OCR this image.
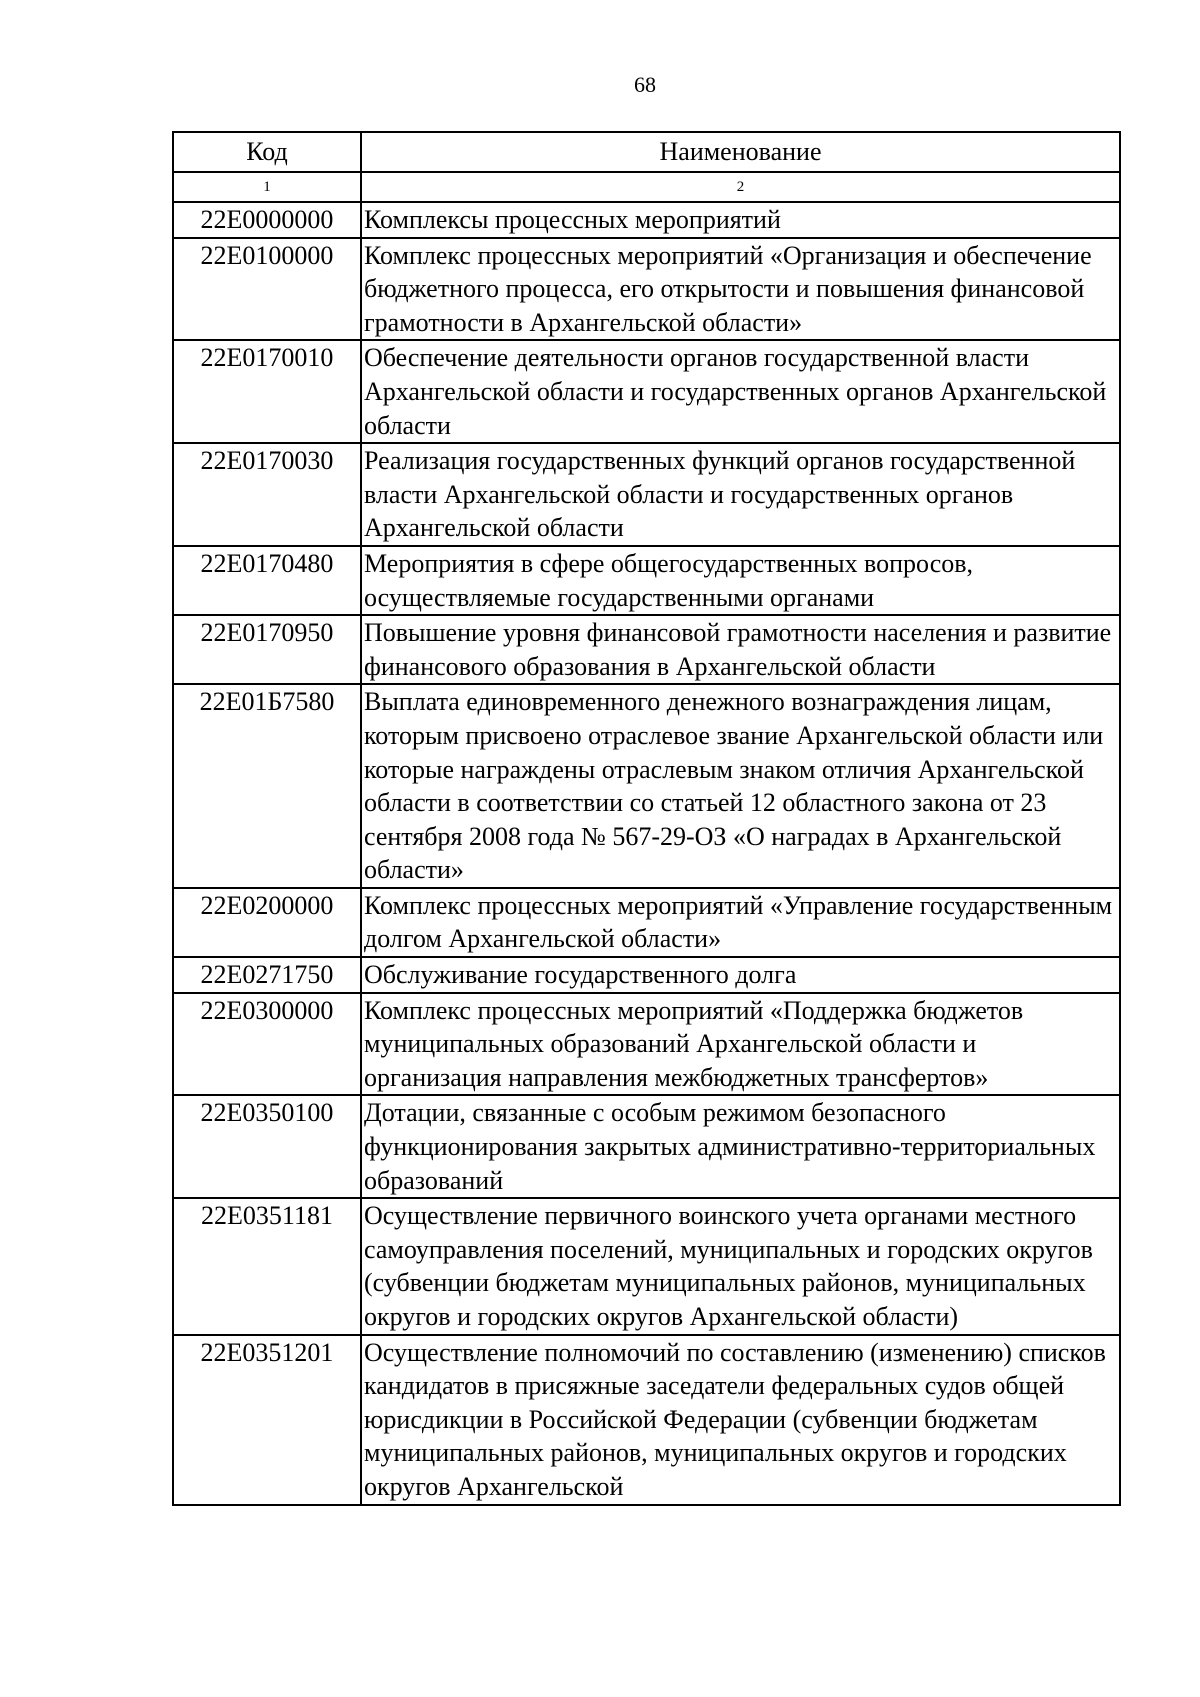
68
Код	Наименование
1	2
22Е0000000	Комплексы процессных мероприятий
22Е0100000	Комплекс процессных мероприятий «Организация и обеспечение бюджетного процесса, его открытости и повышения финансовой грамотности в Архангельской области»
22Е0170010	Обеспечение деятельности органов государственной власти Архангельской области и государственных органов Архангельской области
22Е0170030	Реализация государственных функций органов государственной власти Архангельской области и государственных органов Архангельской области
22Е0170480	Мероприятия в сфере общегосударственных вопросов, осуществляемые государственными органами
22Е0170950	Повышение уровня финансовой грамотности населения и развитие финансового образования в Архангельской области
22Е01Б7580	Выплата единовременного денежного вознаграждения лицам, которым присвоено отраслевое звание Архангельской области или которые награждены отраслевым знаком отличия Архангельской области в соответствии со статьей 12 областного закона от 23 сентября 2008 года № 567-29-ОЗ «О наградах в Архангельской области»
22Е0200000	Комплекс процессных мероприятий «Управление государственным долгом Архангельской области»
22Е0271750	Обслуживание государственного долга
22Е0300000	Комплекс процессных мероприятий «Поддержка бюджетов муниципальных образований Архангельской области и организация направления межбюджетных трансфертов»
22Е0350100	Дотации, связанные с особым режимом безопасного функционирования закрытых административно-территориальных образований
22Е0351181	Осуществление первичного воинского учета органами местного самоуправления поселений, муниципальных и городских округов (субвенции бюджетам муниципальных районов, муниципальных округов и городских округов Архангельской области)
22Е0351201	Осуществление полномочий по составлению (изменению) списков кандидатов в присяжные заседатели федеральных судов общей юрисдикции в Российской Федерации (субвенции бюджетам муниципальных районов, муниципальных округов и городских округов Архангельской
